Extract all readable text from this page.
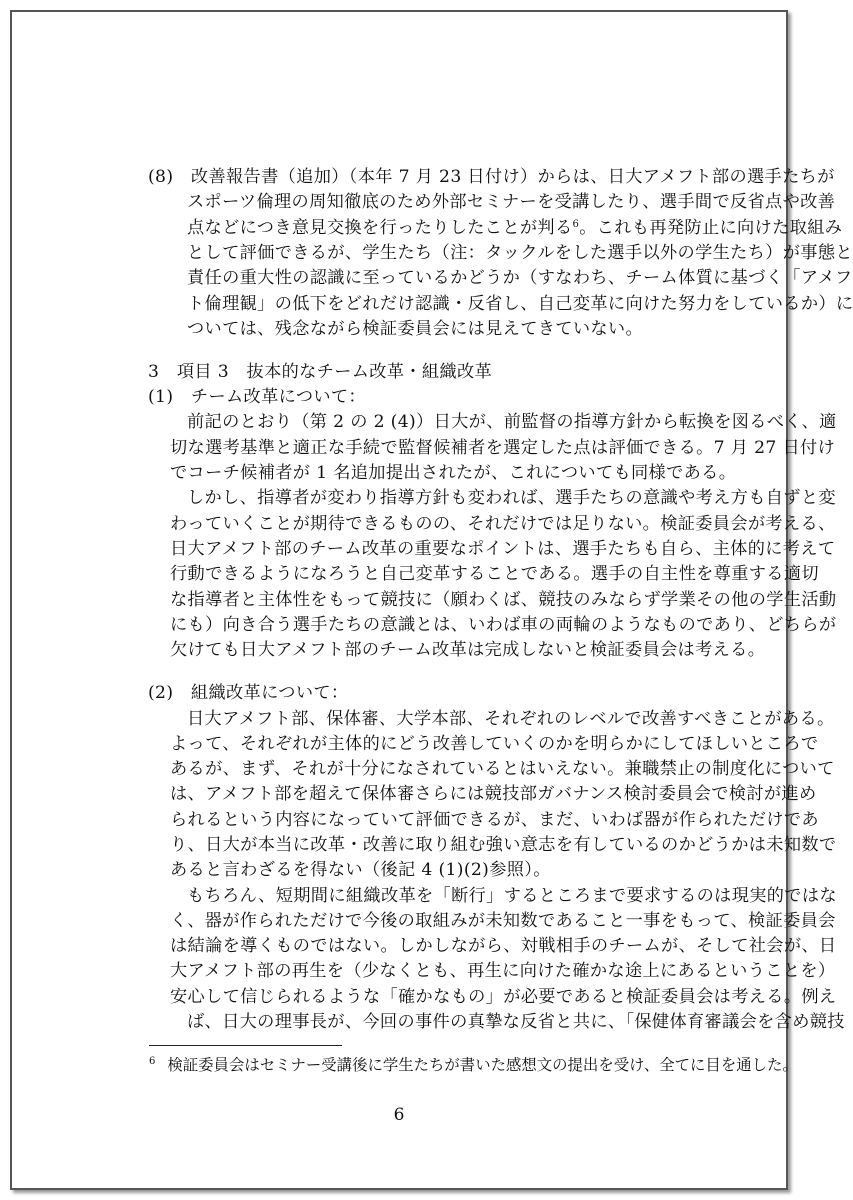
(8)　改善報告書（追加）（本年 7 月 23 日付け）からは、日大アメフト部の選手たちが
スポーツ倫理の周知徹底のため外部セミナーを受講したり、選手間で反省点や改善
点などにつき意見交換を行ったりしたことが判る$^6$。これも再発防止に向けた取組み
として評価できるが、学生たち（注：タックルをした選手以外の学生たち）が事態と
責任の重大性の認識に至っているかどうか（すなわち、チーム体質に基づく「アメフ
ト倫理観」の低下をどれだけ認識・反省し、自己変革に向けた努力をしているか）に
ついては、残念ながら検証委員会には見えてきていない。
3　項目 3　抜本的なチーム改革・組織改革
(1)　チーム改革について：
前記のとおり（第 2 の 2 (4)）日大が、前監督の指導方針から転換を図るべく、適
切な選考基準と適正な手続で監督候補者を選定した点は評価できる。7 月 27 日付け
でコーチ候補者が 1 名追加提出されたが、これについても同様である。
しかし、指導者が変わり指導方針も変われば、選手たちの意識や考え方も自ずと変
わっていくことが期待できるものの、それだけでは足りない。検証委員会が考える、
日大アメフト部のチーム改革の重要なポイントは、選手たちも自ら、主体的に考えて
行動できるようになろうと自己変革することである。選手の自主性を尊重する適切
な指導者と主体性をもって競技に（願わくば、競技のみならず学業その他の学生活動
にも）向き合う選手たちの意識とは、いわば車の両輪のようなものであり、どちらが
欠けても日大アメフト部のチーム改革は完成しないと検証委員会は考える。
(2)　組織改革について：
日大アメフト部、保体審、大学本部、それぞれのレベルで改善すべきことがある。
よって、それぞれが主体的にどう改善していくのかを明らかにしてほしいところで
あるが、まず、それが十分になされているとはいえない。兼職禁止の制度化について
は、アメフト部を超えて保体審さらには競技部ガバナンス検討委員会で検討が進め
られるという内容になっていて評価できるが、まだ、いわば器が作られただけであ
り、日大が本当に改革・改善に取り組む強い意志を有しているのかどうかは未知数で
あると言わざるを得ない（後記 4 (1)(2)参照）。
もちろん、短期間に組織改革を「断行」するところまで要求するのは現実的ではな
く、器が作られただけで今後の取組みが未知数であること一事をもって、検証委員会
は結論を導くものではない。しかしながら、対戦相手のチームが、そして社会が、日
大アメフト部の再生を（少なくとも、再生に向けた確かな途上にあるということを）
安心して信じられるような「確かなもの」が必要であると検証委員会は考える。例え
ば、日大の理事長が、今回の事件の真摯な反省と共に、「保健体育審議会を含め競技
$^6$ 検証委員会はセミナー受講後に学生たちが書いた感想文の提出を受け、全てに目を通した。
6
